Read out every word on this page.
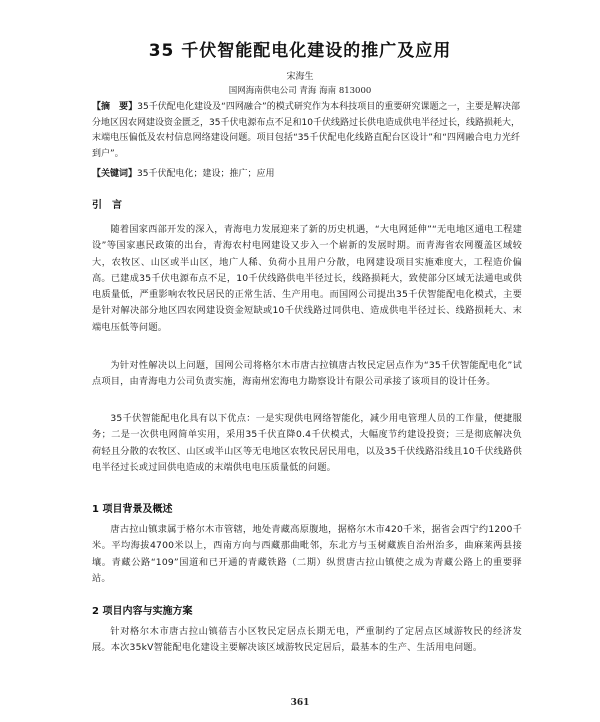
35 千伏智能配电化建设的推广及应用
宋海生
国网海南供电公司 青海 海南 813000
【摘　要】35千伏配电化建设及“四网融合”的模式研究作为本科技项目的重要研究课题之一，主要是解决部分地区因农网建设资金匮乏，35千伏电源布点不足和10千伏线路过长供电造成供电半径过长，线路损耗大，末端电压偏低及农村信息网络建设问题。项目包括“35千伏配电化线路直配台区设计”和“四网融合电力光纤到户”。
【关键词】35千伏配电化；建设；推广；应用
引　言
随着国家西部开发的深入，青海电力发展迎来了新的历史机遇，“大电网延伸”“无电地区通电工程建设”等国家惠民政策的出台，青海农村电网建设又步入一个崭新的发展时期。而青海省农网覆盖区域较大，农牧区、山区或半山区，地广人稀、负荷小且用户分散，电网建设项目实施难度大，工程造价偏高。已建成35千伏电源布点不足，10千伏线路供电半径过长，线路损耗大，致使部分区域无法通电或供电质量低，严重影响农牧民居民的正常生活、生产用电。而国网公司提出35千伏智能配电化模式，主要是针对解决部分地区四农网建设资金短缺或10千伏线路过同供电、造成供电半径过长、线路损耗大、末端电压低等问题。
为针对性解决以上问题，国网公司将格尔木市唐古拉镇唐古牧民定居点作为“35千伏智能配电化”试点项目，由青海电力公司负责实施，海南州宏海电力勘察设计有限公司承接了该项目的设计任务。
35千伏智能配电化具有以下优点：一是实现供电网络智能化，减少用电管理人员的工作量，便捷服务；二是一次供电网简单实用，采用35千伏直降0.4千伏模式，大幅度节约建设投资；三是彻底解决负荷轻且分散的农牧区、山区或半山区等无电地区农牧民居民用电，以及35千伏线路沿线且10千伏线路供电半径过长或过回供电造成的末端供电电压质量低的问题。
1 项目背景及概述
唐古拉山镇隶属于格尔木市管辖，地处青藏高原腹地，据格尔木市420千米，据省会西宁约1200千米。平均海拔4700米以上，西南方向与西藏那曲毗邻，东北方与玉树藏族自治州治多，曲麻莱两县接壤。青藏公路“109”国道和已开通的青藏铁路（二期）纵贯唐古拉山镇使之成为青藏公路上的重要驿站。
2 项目内容与实施方案
针对格尔木市唐古拉山镇蓓吉小区牧民定居点长期无电，严重制约了定居点区域游牧民的经济发展。本次35kV智能配电化建设主要解决该区域游牧民定居后，最基本的生产、生活用电问题。
361
